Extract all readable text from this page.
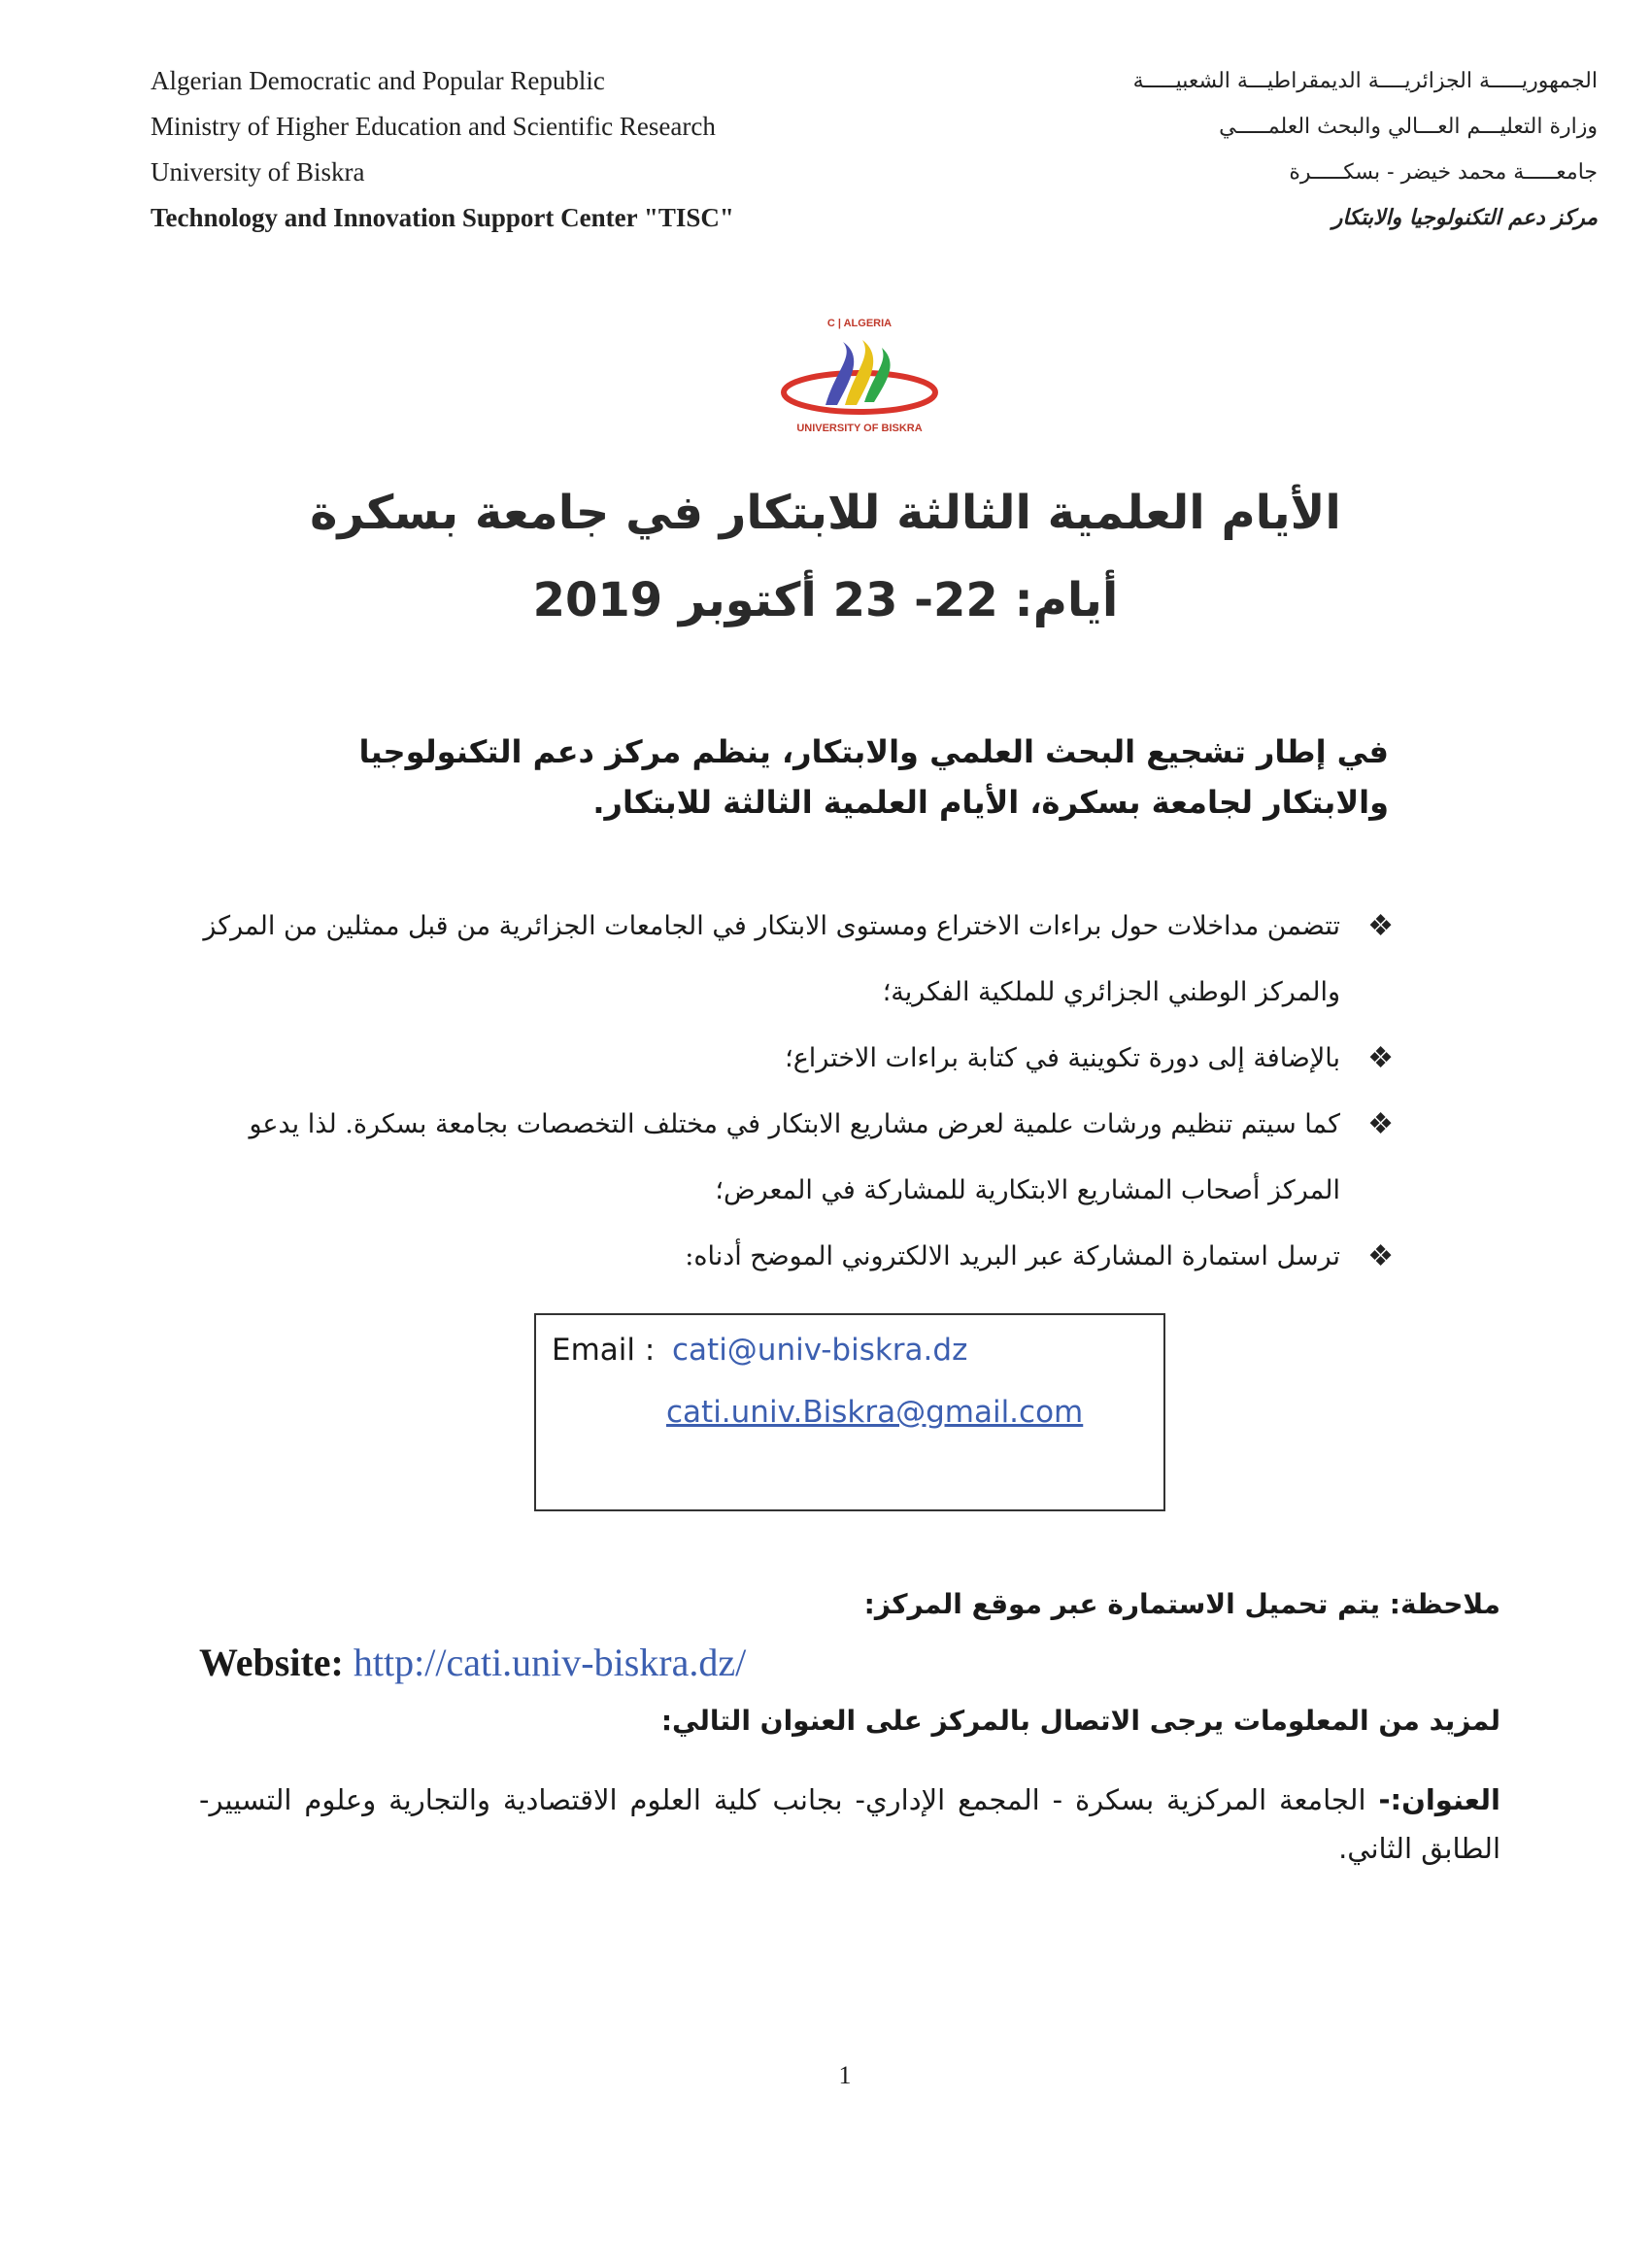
Algerian Democratic and Popular Republic
Ministry of Higher Education and Scientific Research
University of Biskra
Technology and Innovation Support Center "TISC"
الجمهوريـــــة الجزائريــــة الديمقراطيـــة الشعبيـــــة
وزارة التعليـــم العـــالي والبحث العلمـــــي
جامعـــــة محمد خيضر - بسكـــــرة
مركز دعم التكنولوجيا والابتكار
C | ALGERIA
UNIVERSITY OF BISKRA
الأيام العلمية الثالثة للابتكار في جامعة بسكرة
أيام: 22- 23 أكتوبر 2019
في إطار تشجيع البحث العلمي والابتكار، ينظم مركز دعم التكنولوجيا والابتكار لجامعة بسكرة، الأيام العلمية الثالثة للابتكار.
❖
تتضمن مداخلات حول براءات الاختراع ومستوى الابتكار في الجامعات الجزائرية من قبل ممثلين من المركز والمركز الوطني الجزائري للملكية الفكرية؛
❖
بالإضافة إلى دورة تكوينية في كتابة براءات الاختراع؛
❖
كما سيتم تنظيم ورشات علمية لعرض مشاريع الابتكار في مختلف التخصصات بجامعة بسكرة. لذا يدعو المركز أصحاب المشاريع الابتكارية للمشاركة في المعرض؛
❖
ترسل استمارة المشاركة عبر البريد الالكتروني الموضح أدناه:
Email : cati@univ-biskra.dz
cati.univ.Biskra@gmail.com
ملاحظة: يتم تحميل الاستمارة عبر موقع المركز:
Website: http://cati.univ-biskra.dz/
لمزيد من المعلومات يرجى الاتصال بالمركز على العنوان التالي:
العنوان:- الجامعة المركزية بسكرة - المجمع الإداري- بجانب كلية العلوم الاقتصادية والتجارية وعلوم التسيير- الطابق الثاني.
1
